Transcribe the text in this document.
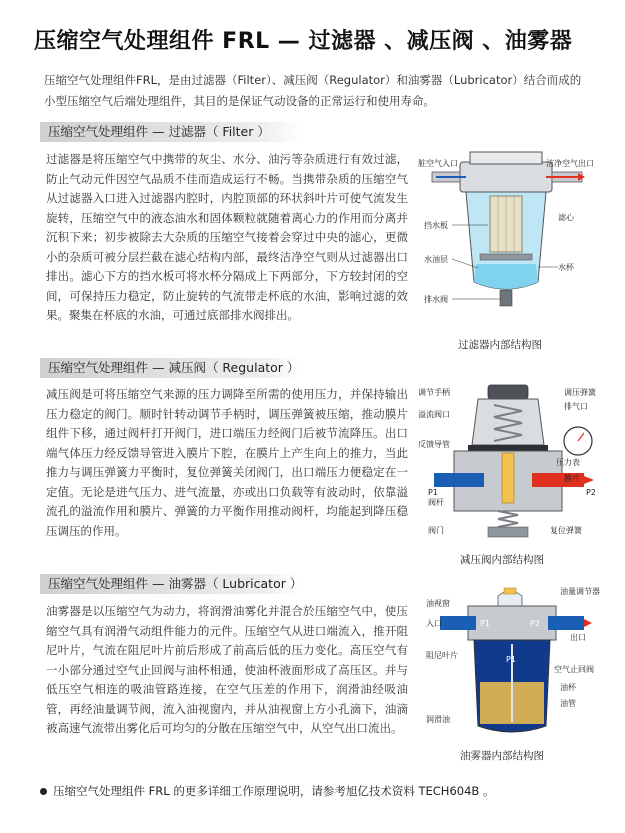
压缩空气处理组件 FRL — 过滤器 、减压阀 、油雾器
压缩空气处理组件FRL，是由过滤器（Filter）、减压阀（Regulator）和油雾器（Lubricator）结合而成的小型压缩空气后端处理组件，其目的是保证气动设备的正常运行和使用寿命。
压缩空气处理组件 — 过滤器（ Filter ）
过滤器是将压缩空气中携带的灰尘、水分、油污等杂质进行有效过滤，防止气动元件因空气品质不佳而造成运行不畅。当携带杂质的压缩空气从过滤器入口进入过滤器内腔时，内腔顶部的环状斜叶片可使气流发生旋转，压缩空气中的液态油水和固体颗粒就随着离心力的作用而分离并沉积下来；初步被除去大杂质的压缩空气接着会穿过中央的滤心，更微小的杂质可被分层拦截在滤心结构内部，最终洁净空气则从过滤器出口排出。滤心下方的挡水板可将水杯分隔成上下两部分，下方较封闭的空间，可保持压力稳定，防止旋转的气流带走杯底的水油，影响过滤的效果。聚集在杯底的水油，可通过底部排水阀排出。
脏空气入口	洁净空气出口
挡水板
滤心
水油层
水杯
排水阀
过滤器内部结构图
压缩空气处理组件 — 减压阀（ Regulator ）
减压阀是可将压缩空气来源的压力调降至所需的使用压力，并保持输出压力稳定的阀门。顺时针转动调节手柄时，调压弹簧被压缩，推动膜片组件下移，通过阀杆打开阀门，进口端压力经阀门后被节流降压。出口端气体压力经反馈导管进入膜片下腔，在膜片上产生向上的推力，当此推力与调压弹簧力平衡时，复位弹簧关闭阀门，出口端压力便稳定在一定值。无论是进气压力、进气流量，亦或出口负载等有波动时，依靠溢流孔的溢流作用和膜片、弹簧的力平衡作用推动阀杆，均能起到降压稳压调压的作用。
调节手柄	调压弹簧
排气口
溢流阀口
反馈导管
压力表
膜片
P1
阀杆
P2
阀门	复位弹簧
减压阀内部结构图
压缩空气处理组件 — 油雾器（ Lubricator ）
油雾器是以压缩空气为动力，将润滑油雾化并混合於压缩空气中，使压缩空气具有润滑气动组件能力的元件。压缩空气从进口端流入，推开阻尼叶片，气流在阻尼叶片前后形成了前高后低的压力变化。高压空气有一小部分通过空气止回阀与油杯相通，使油杯液面形成了高压区。并与低压空气相连的吸油管路连接，在空气压差的作用下，润滑油经吸油管，再经油量调节阀，流入油视窗内，并从油视窗上方小孔滴下，油滴被高速气流带出雾化后可均匀的分散在压缩空气中，从空气出口流出。
油量调节器
油视窗
入口	P1	P2
出口
阻尼叶片	P1
空气止回阀
油杯
油管
润滑油
油雾器内部结构图
压缩空气处理组件 FRL 的更多详细工作原理说明，请参考旭亿技术资料 TECH604B 。
